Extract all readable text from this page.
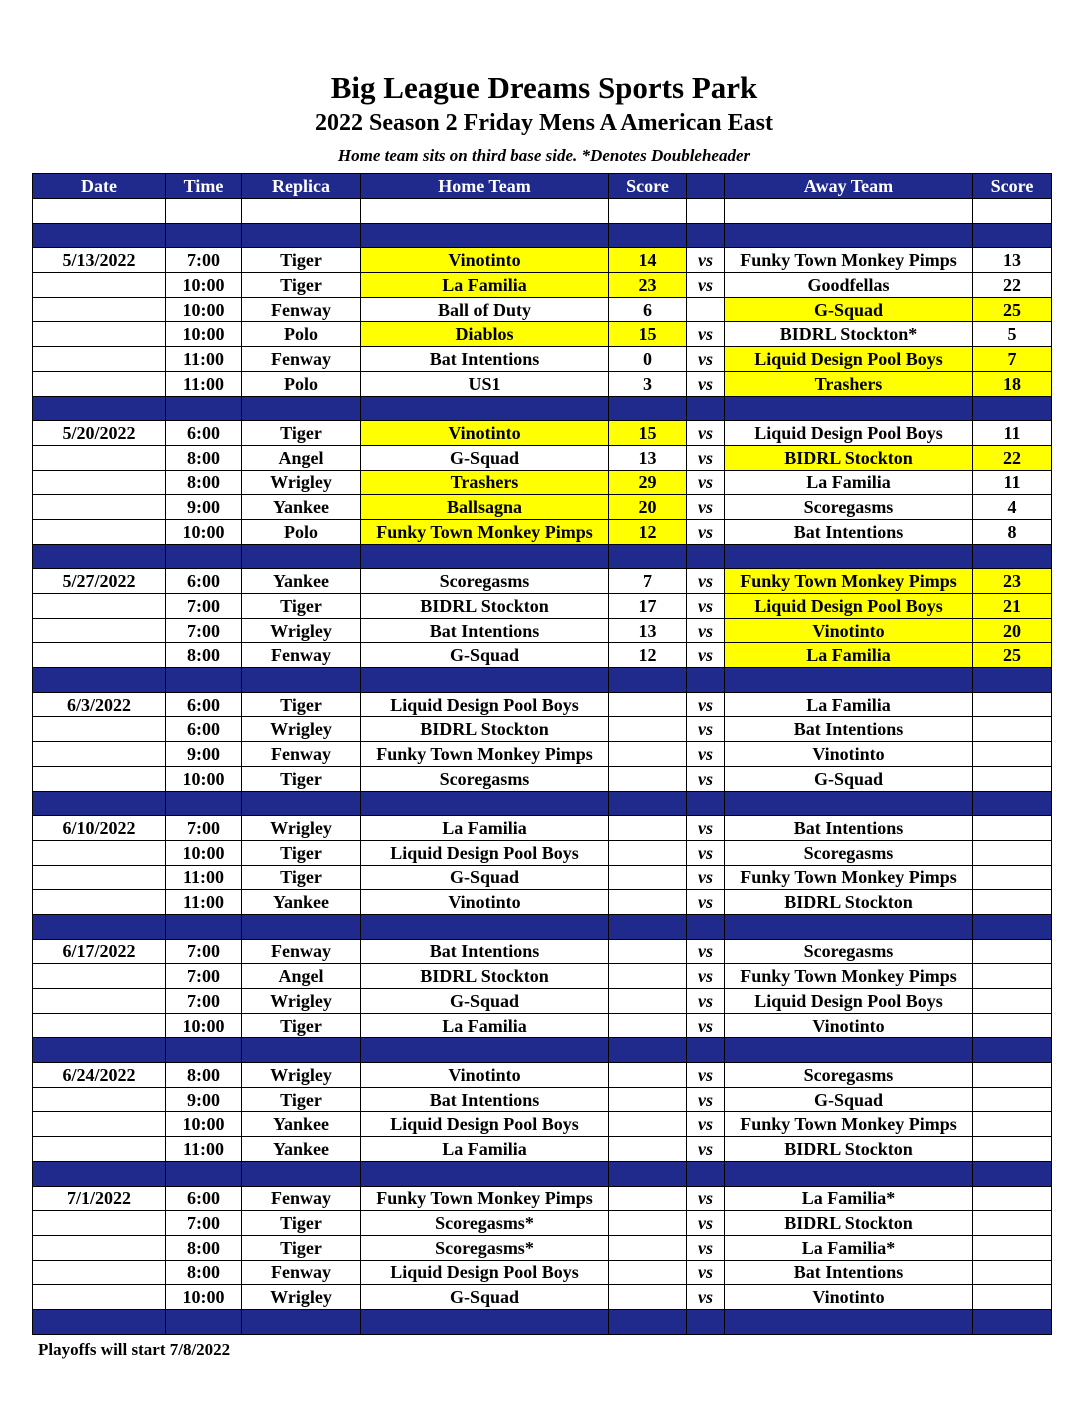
Big League Dreams Sports Park
2022 Season 2 Friday Mens A American East
Home team sits on third base side. *Denotes Doubleheader
Date	Time	Replica	Home Team	Score		Away Team	Score

5/13/2022	7:00	Tiger	Vinotinto	14	vs	Funky Town Monkey Pimps	13
	10:00	Tiger	La Familia	23	vs	Goodfellas	22
	10:00	Fenway	Ball of Duty	6		G-Squad	25
	10:00	Polo	Diablos	15	vs	BIDRL Stockton*	5
	11:00	Fenway	Bat Intentions	0	vs	Liquid Design Pool Boys	7
	11:00	Polo	US1	3	vs	Trashers	18

5/20/2022	6:00	Tiger	Vinotinto	15	vs	Liquid Design Pool Boys	11
	8:00	Angel	G-Squad	13	vs	BIDRL Stockton	22
	8:00	Wrigley	Trashers	29	vs	La Familia	11
	9:00	Yankee	Ballsagna	20	vs	Scoregasms	4
	10:00	Polo	Funky Town Monkey Pimps	12	vs	Bat Intentions	8

5/27/2022	6:00	Yankee	Scoregasms	7	vs	Funky Town Monkey Pimps	23
	7:00	Tiger	BIDRL Stockton	17	vs	Liquid Design Pool Boys	21
	7:00	Wrigley	Bat Intentions	13	vs	Vinotinto	20
	8:00	Fenway	G-Squad	12	vs	La Familia	25

6/3/2022	6:00	Tiger	Liquid Design Pool Boys		vs	La Familia	
	6:00	Wrigley	BIDRL Stockton		vs	Bat Intentions	
	9:00	Fenway	Funky Town Monkey Pimps		vs	Vinotinto	
	10:00	Tiger	Scoregasms		vs	G-Squad	

6/10/2022	7:00	Wrigley	La Familia		vs	Bat Intentions	
	10:00	Tiger	Liquid Design Pool Boys		vs	Scoregasms	
	11:00	Tiger	G-Squad		vs	Funky Town Monkey Pimps	
	11:00	Yankee	Vinotinto		vs	BIDRL Stockton	

6/17/2022	7:00	Fenway	Bat Intentions		vs	Scoregasms	
	7:00	Angel	BIDRL Stockton		vs	Funky Town Monkey Pimps	
	7:00	Wrigley	G-Squad		vs	Liquid Design Pool Boys	
	10:00	Tiger	La Familia		vs	Vinotinto	

6/24/2022	8:00	Wrigley	Vinotinto		vs	Scoregasms	
	9:00	Tiger	Bat Intentions		vs	G-Squad	
	10:00	Yankee	Liquid Design Pool Boys		vs	Funky Town Monkey Pimps	
	11:00	Yankee	La Familia		vs	BIDRL Stockton	

7/1/2022	6:00	Fenway	Funky Town Monkey Pimps		vs	La Familia*	
	7:00	Tiger	Scoregasms*		vs	BIDRL Stockton	
	8:00	Tiger	Scoregasms*		vs	La Familia*	
	8:00	Fenway	Liquid Design Pool Boys		vs	Bat Intentions	
	10:00	Wrigley	G-Squad		vs	Vinotinto	

Playoffs will start 7/8/2022
